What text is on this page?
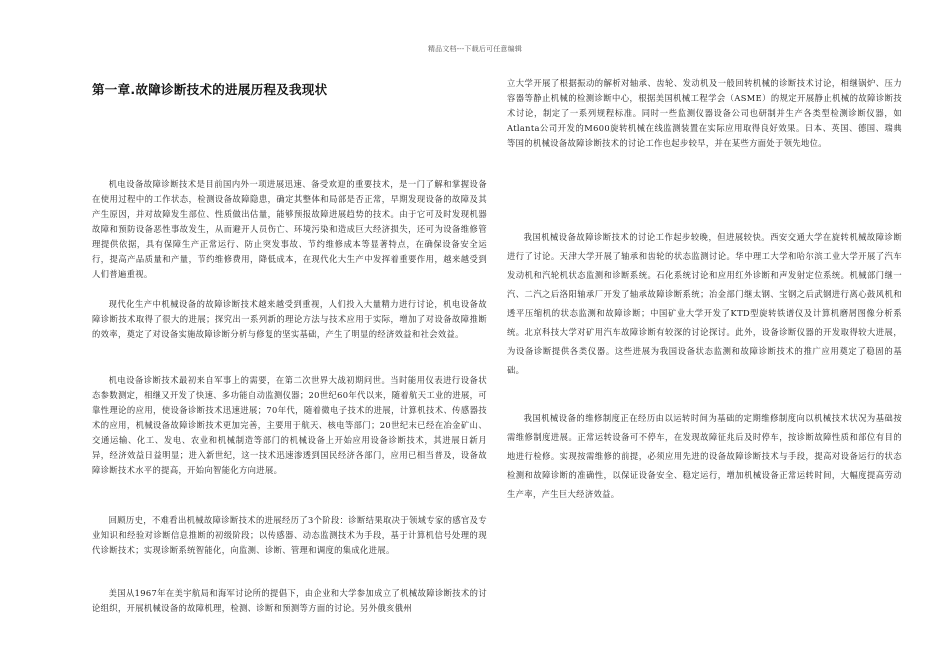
精品文档---下载后可任意编辑
第一章.故障诊断技术的进展历程及我现状

机电设备故障诊断技术是目前国内外一项进展迅速、备受欢迎的重要技术，是一门了解和掌握设备在使用过程中的工作状态，检测设备故障隐患，确定其整体和局部是否正常，早期发现设备的故障及其产生原因，并对故障发生部位、性质做出估量，能够预报故障进展趋势的技术。由于它可及时发现机器故障和预防设备恶性事故发生，从而避开人员伤亡、环境污染和造成巨大经济损失，还可为设备维修管理提供依据，具有保障生产正常运行、防止突发事故、节约维修成本等显著特点，在确保设备安全运行，提高产品质量和产量，节约维修费用，降低成本，在现代化大生产中发挥着重要作用，越来越受到人们普遍重视。

现代化生产中机械设备的故障诊断技术越来越受到重视，人们投入大量精力进行讨论，机电设备故障诊断技术取得了很大的进展；探究出一系列新的理论方法与技术应用于实际，增加了对设备故障推断的效率，奠定了对设备实施故障诊断分析与修复的坚实基础，产生了明显的经济效益和社会效益。

机电设备诊断技术最初来自军事上的需要，在第二次世界大战初期问世。当时能用仪表进行设备状态参数测定，相继又开发了快速、多功能自动监测仪器；20世纪60年代以来，随着航天工业的进展，可靠性理论的应用，使设备诊断技术迅速进展；70年代，随着微电子技术的进展，计算机技术、传感器技术的应用，机械设备故障诊断技术更加完善，主要用于航天、核电等部门；20世纪末已经在冶金矿山、交通运输、化工、发电、农业和机械制造等部门的机械设备上开始应用设备诊断技术，其进展日新月异，经济效益日益明显；进入新世纪，这一技术迅速渗透到国民经济各部门，应用已相当普及，设备故障诊断技术水平的提高，开始向智能化方向进展。

回顾历史，不难看出机械故障诊断技术的进展经历了3个阶段：诊断结果取决于领域专家的感官及专业知识和经验对诊断信息推断的初级阶段；以传感器、动态监测技术为手段，基于计算机信号处理的现代诊断技术；实现诊断系统智能化，向监测、诊断、管理和调度的集成化进展。

美国从1967年在美宇航局和海军讨论所的提倡下，由企业和大学参加成立了机械故障诊断技术的讨论组织，开展机械设备的故障机理，检测、诊断和预测等方面的讨论。另外俄亥俄州

立大学开展了根据振动的解析对轴承、齿轮、发动机及一般回转机械的诊断技术讨论，相继锅炉、压力容器等静止机械的检测诊断中心，根据美国机械工程学会（ASME）的规定开展静止机械的故障诊断技术讨论，制定了一系列规程标准。同时一些监测仪器设备公司也研制并生产各类型检测诊断仪器，如Atlanta公司开发的M600旋转机械在线监测装置在实际应用取得良好效果。日本、英国、德国、瑞典等国的机械设备故障诊断技术的讨论工作也起步较早，并在某些方面处于领先地位。

我国机械设备故障诊断技术的讨论工作起步较晚，但进展较快。西安交通大学在旋转机械故障诊断进行了讨论。天津大学开展了轴承和齿轮的状态监测讨论。华中理工大学和哈尔滨工业大学开展了汽车发动机和汽轮机状态监测和诊断系统。石化系统讨论和应用红外诊断和声发射定位系统。机械部门继一汽、二汽之后洛阳轴承厂开发了轴承故障诊断系统；冶金部门继太钢、宝钢之后武钢进行离心鼓风机和透平压缩机的状态监测和故障诊断；中国矿业大学开发了KTD型旋转铁谱仪及计算机磨屑图像分析系统。北京科技大学对矿用汽车故障诊断有较深的讨论探讨。此外，设备诊断仪器的开发取得较大进展，为设备诊断提供各类仪器。这些进展为我国设备状态监测和故障诊断技术的推广应用奠定了稳固的基础。

我国机械设备的维修制度正在经历由以运转时间为基础的定期维修制度向以机械技术状况为基础按需维修制度进展。正常运转设备可不停车，在发现故障征兆后及时停车，按诊断故障性质和部位有目的地进行检修。实现按需维修的前提，必须应用先进的设备故障诊断技术与手段，提高对设备运行的状态检测和故障诊断的准确性，以保证设备安全、稳定运行，增加机械设备正常运转时间，大幅度提高劳动生产率，产生巨大经济效益。
